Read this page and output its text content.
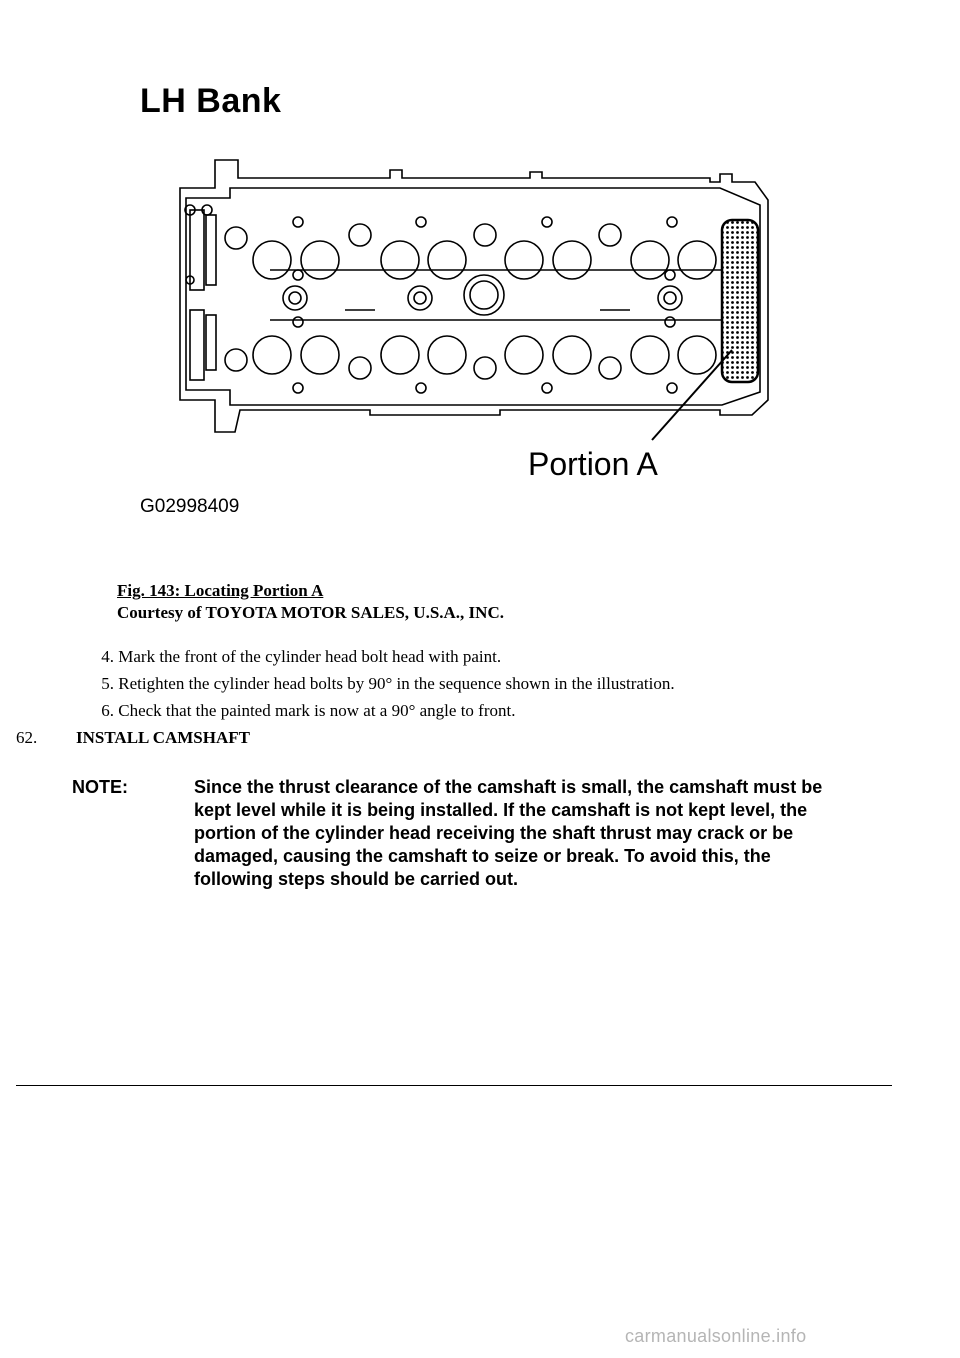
LH Bank
Portion A
G02998409
Fig. 143: Locating Portion A
Courtesy of TOYOTA MOTOR SALES, U.S.A., INC.
4. Mark the front of the cylinder head bolt head with paint.
5. Retighten the cylinder head bolts by 90° in the sequence shown in the illustration.
6. Check that the painted mark is now at a 90° angle to front.
62. INSTALL CAMSHAFT
NOTE:	Since the thrust clearance of the camshaft is small, the camshaft must be
kept level while it is being installed. If the camshaft is not kept level, the
portion of the cylinder head receiving the shaft thrust may crack or be
damaged, causing the camshaft to seize or break. To avoid this, the
following steps should be carried out.
carmanualsonline.info
